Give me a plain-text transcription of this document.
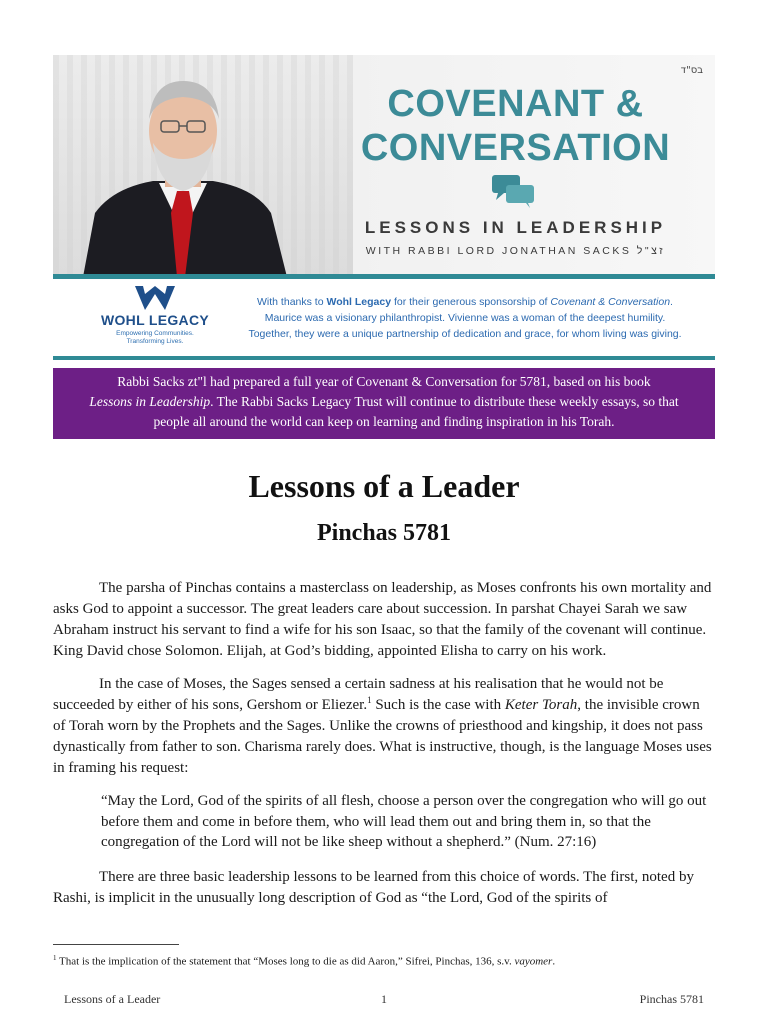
בס"ד
COVENANT &
CONVERSATION
LESSONS IN LEADERSHIP
WITH RABBI LORD JONATHAN SACKS זצ"ל
WOHL LEGACY
Empowering Communities.
Transforming Lives.
With thanks to Wohl Legacy for their generous sponsorship of Covenant & Conversation.
Maurice was a visionary philanthropist. Vivienne was a woman of the deepest humility.
Together, they were a unique partnership of dedication and grace, for whom living was giving.

Rabbi Sacks zt"l had prepared a full year of Covenant & Conversation for 5781, based on his book
Lessons in Leadership. The Rabbi Sacks Legacy Trust will continue to distribute these weekly essays, so that
people all around the world can keep on learning and finding inspiration in his Torah.

Lessons of a Leader
Pinchas 5781

The parsha of Pinchas contains a masterclass on leadership, as Moses confronts his own mortality and asks God to appoint a successor. The great leaders care about succession. In parshat Chayei Sarah we saw Abraham instruct his servant to find a wife for his son Isaac, so that the family of the covenant will continue. King David chose Solomon. Elijah, at God’s bidding, appointed Elisha to carry on his work.

In the case of Moses, the Sages sensed a certain sadness at his realisation that he would not be succeeded by either of his sons, Gershom or Eliezer.$^1$ Such is the case with Keter Torah, the invisible crown of Torah worn by the Prophets and the Sages. Unlike the crowns of priesthood and kingship, it does not pass dynastically from father to son. Charisma rarely does. What is instructive, though, is the language Moses uses in framing his request:

“May the Lord, God of the spirits of all flesh, choose a person over the congregation who will go out before them and come in before them, who will lead them out and bring them in, so that the congregation of the Lord will not be like sheep without a shepherd.” (Num. 27:16)

There are three basic leadership lessons to be learned from this choice of words. The first, noted by Rashi, is implicit in the unusually long description of God as “the Lord, God of the spirits of

$^1$ That is the implication of the statement that “Moses long to die as did Aaron,” Sifrei, Pinchas, 136, s.v. vayomer.
Lessons of a Leader	1	Pinchas 5781
